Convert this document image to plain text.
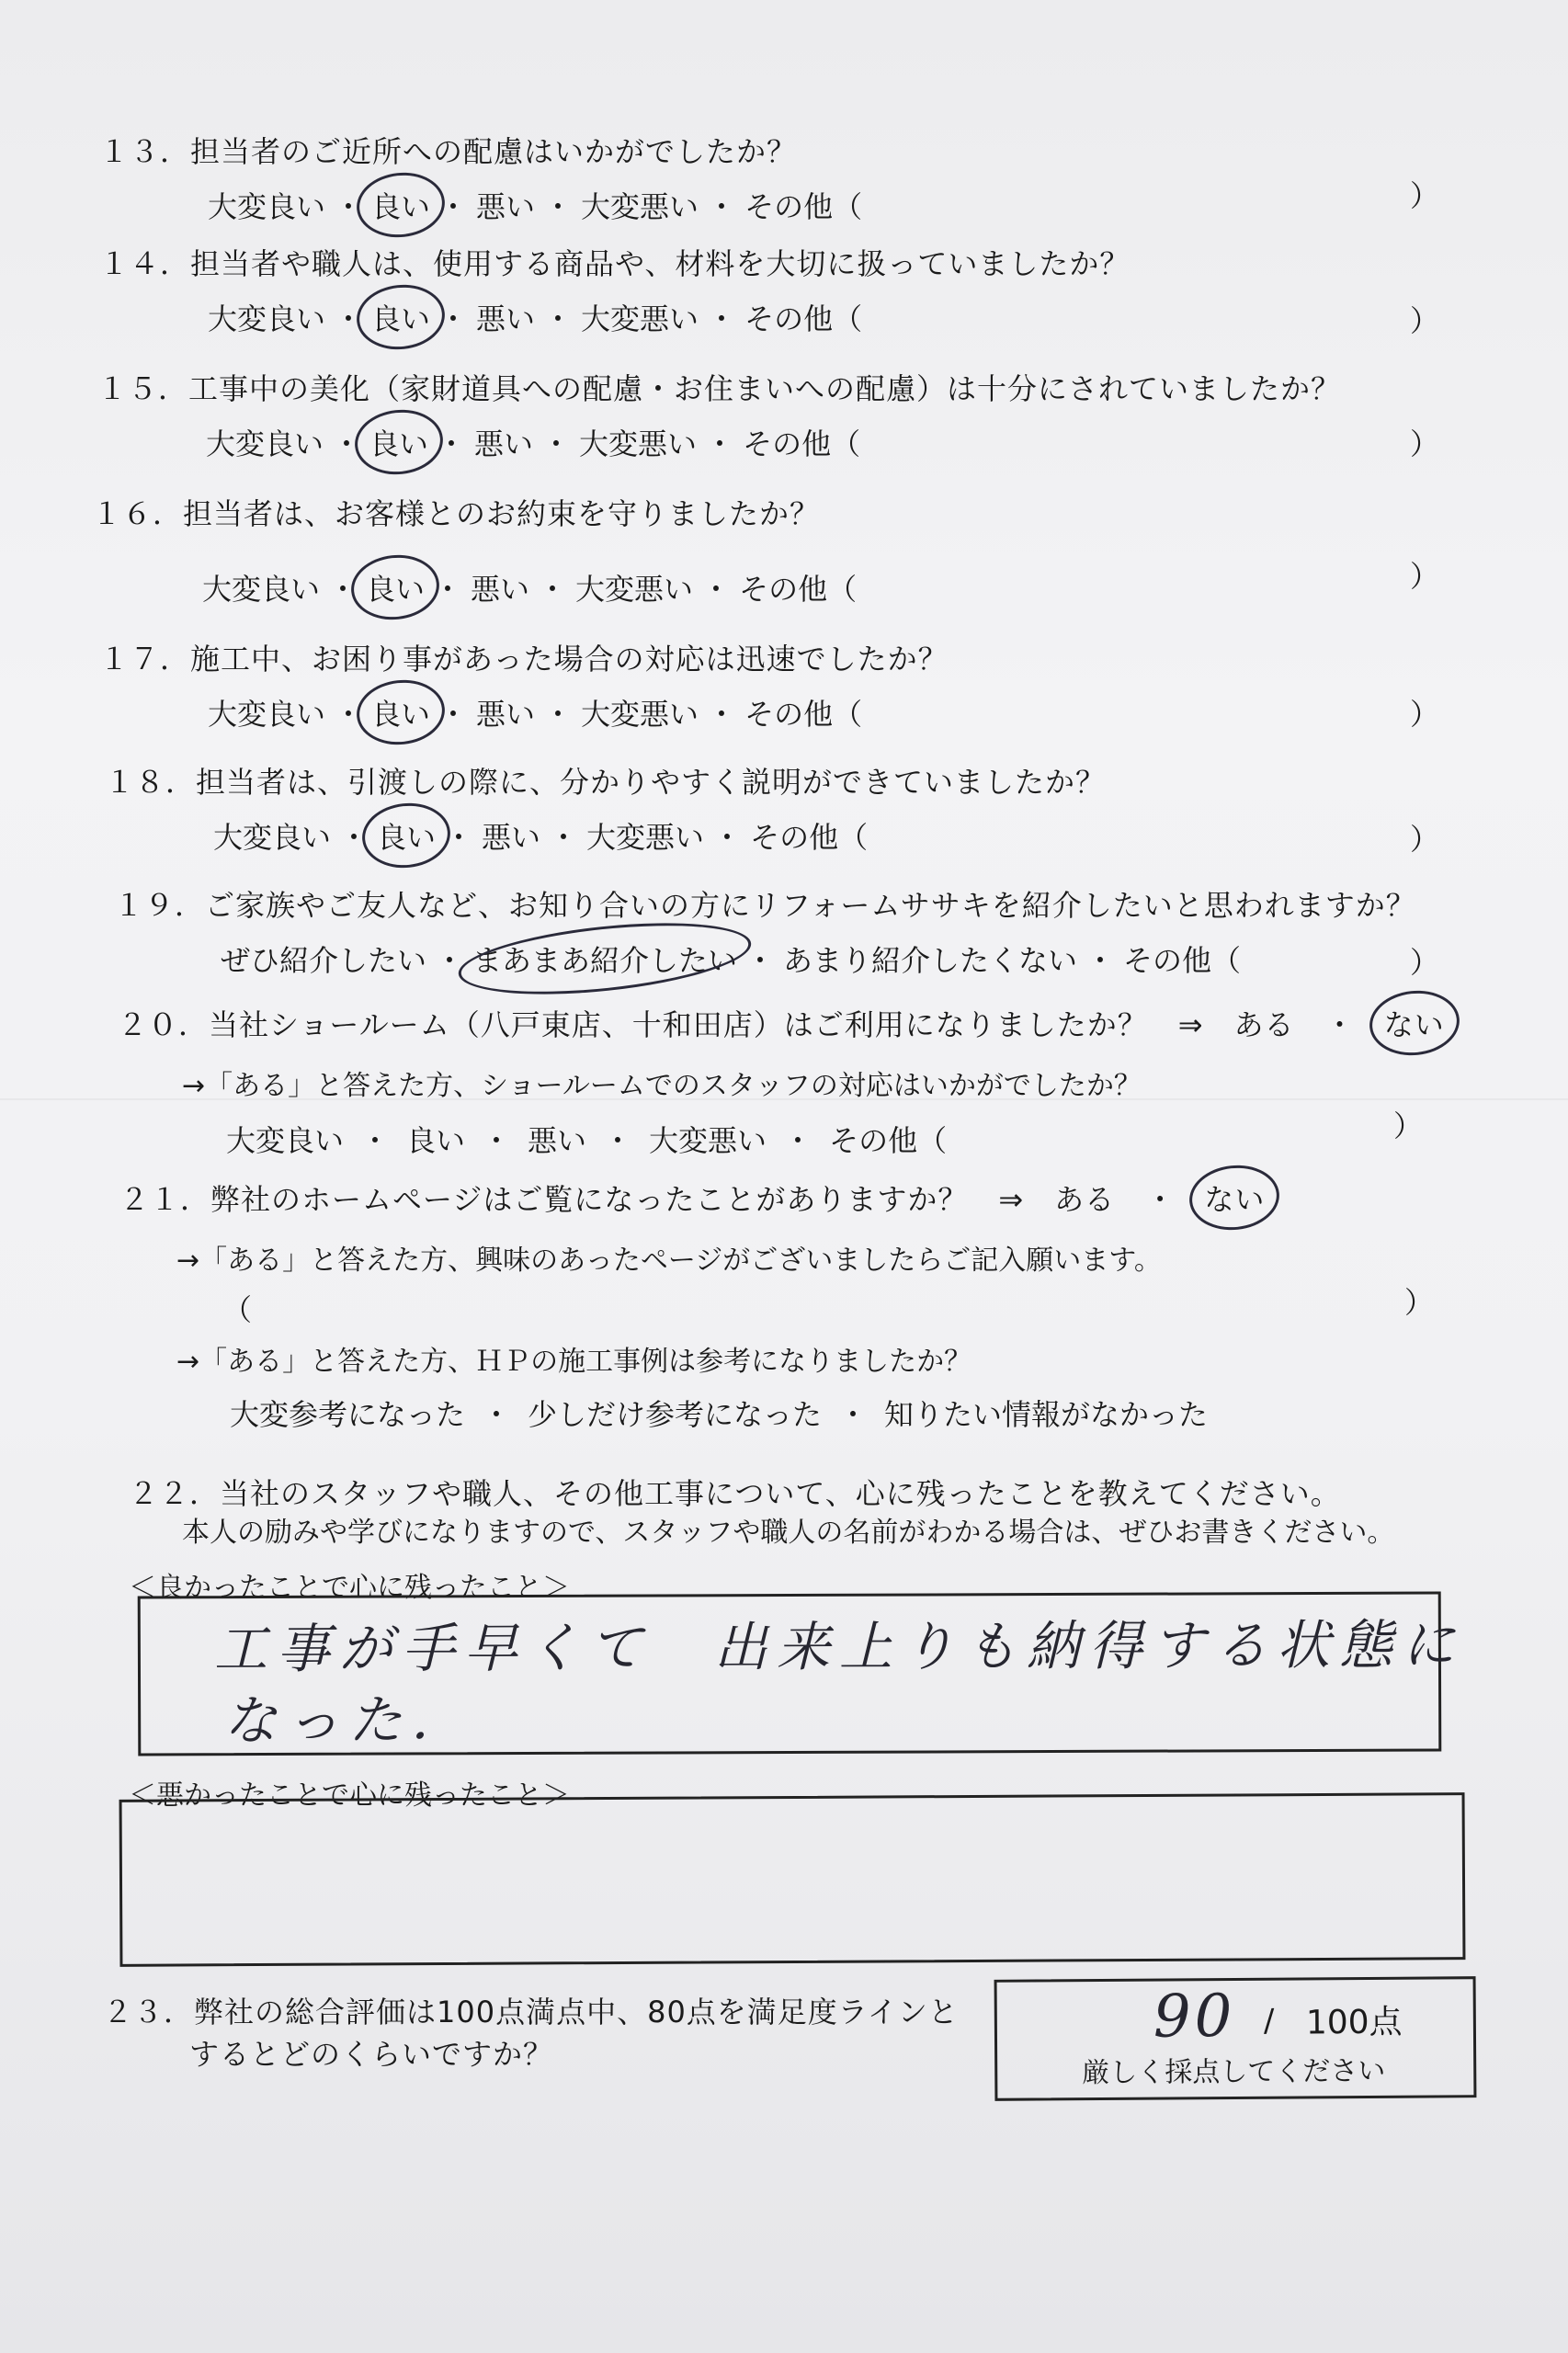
１３．担当者のご近所への配慮はいかがでしたか？
大変良い ・ 良い ・ 悪い ・ 大変悪い ・ その他（	）
１４．担当者や職人は、使用する商品や、材料を大切に扱っていましたか？
大変良い ・ 良い ・ 悪い ・ 大変悪い ・ その他（	）
１５．工事中の美化（家財道具への配慮・お住まいへの配慮）は十分にされていましたか？
大変良い ・ 良い ・ 悪い ・ 大変悪い ・ その他（	）
１６．担当者は、お客様とのお約束を守りましたか？
大変良い ・ 良い ・ 悪い ・ 大変悪い ・ その他（	）
１７．施工中、お困り事があった場合の対応は迅速でしたか？
大変良い ・ 良い ・ 悪い ・ 大変悪い ・ その他（	）
１８．担当者は、引渡しの際に、分かりやすく説明ができていましたか？
大変良い ・ 良い ・ 悪い ・ 大変悪い ・ その他（	）
１９．ご家族やご友人など、お知り合いの方にリフォームササキを紹介したいと思われますか？
ぜひ紹介したい ・ まあまあ紹介したい ・ あまり紹介したくない ・ その他（	）
２０．当社ショールーム（八戸東店、十和田店）はご利用になりましたか？　⇒　ある　・ ない
→「ある」と答えた方、ショールームでのスタッフの対応はいかがでしたか？
大変良い ・ 良い ・ 悪い ・ 大変悪い ・ その他（	）
２１．弊社のホームページはご覧になったことがありますか？　⇒　ある　・ ない
→「ある」と答えた方、興味のあったページがございましたらご記入願います。
（	）
→「ある」と答えた方、ＨＰの施工事例は参考になりましたか？
大変参考になった ・ 少しだけ参考になった ・ 知りたい情報がなかった
２２．当社のスタッフや職人、その他工事について、心に残ったことを教えてください。
本人の励みや学びになりますので、スタッフや職人の名前がわかる場合は、ぜひお書きください。
＜良かったことで心に残ったこと＞
工事が手早くて　出来上りも納得する状態に
なった．
＜悪かったことで心に残ったこと＞
２３．弊社の総合評価は100点満点中、80点を満足度ラインと
するとどのくらいですか？
90 / 100点
厳しく採点してください
